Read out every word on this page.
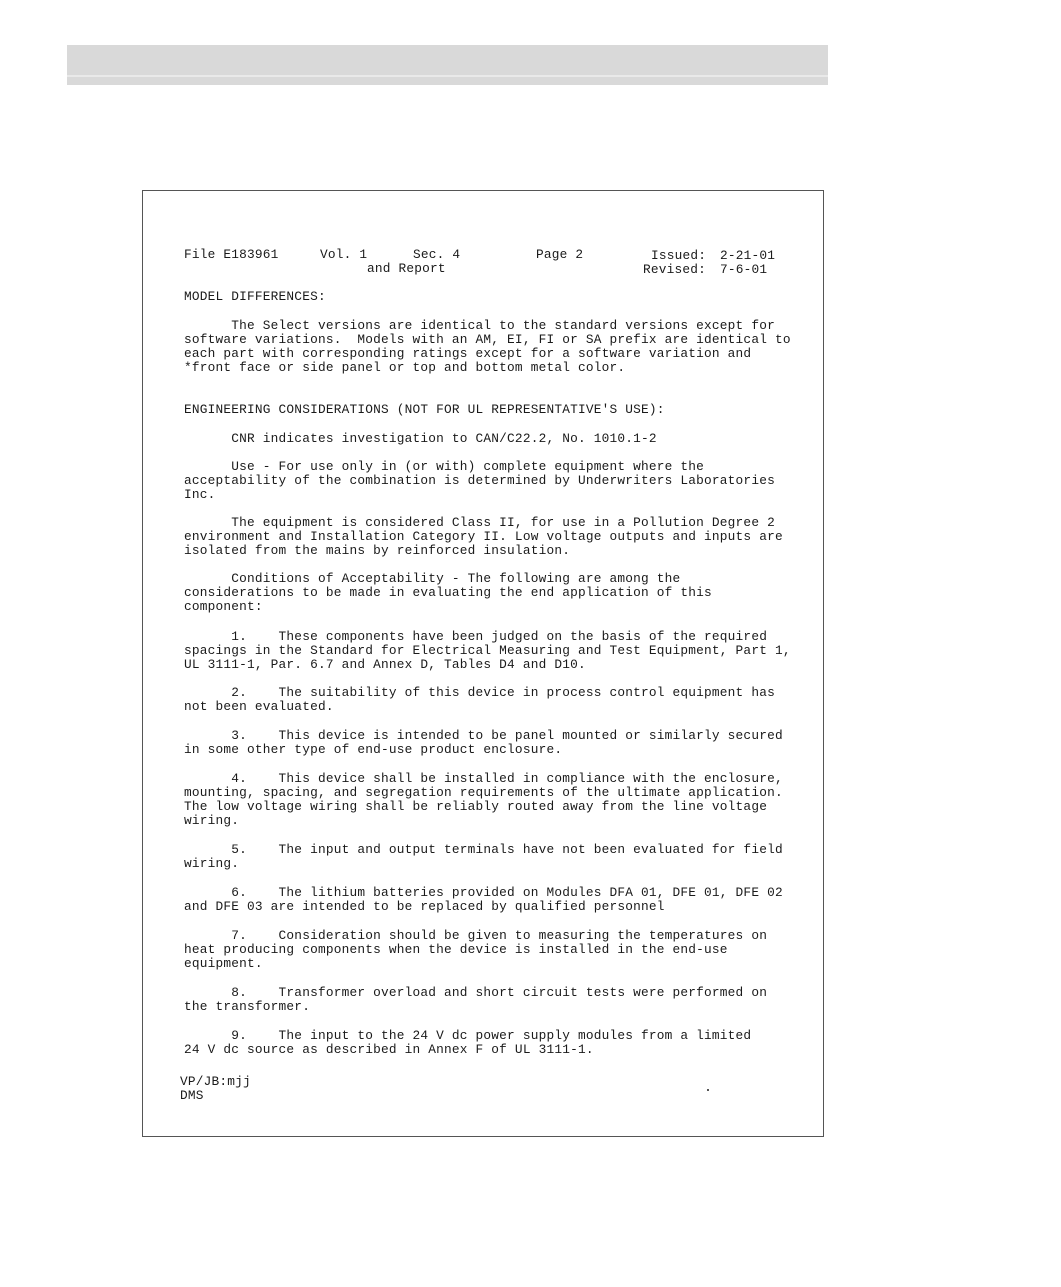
File E183961	Vol. 1	Sec. 4
and Report
Page 2	Issued: 2-21-01
Revised: 7-6-01
MODEL DIFFERENCES:
The Select versions are identical to the standard versions except for
software variations.  Models with an AM, EI, FI or SA prefix are identical to
each part with corresponding ratings except for a software variation and
*front face or side panel or top and bottom metal color.
ENGINEERING CONSIDERATIONS (NOT FOR UL REPRESENTATIVE'S USE):
CNR indicates investigation to CAN/C22.2, No. 1010.1-2
Use - For use only in (or with) complete equipment where the
acceptability of the combination is determined by Underwriters Laboratories
Inc.
The equipment is considered Class II, for use in a Pollution Degree 2
environment and Installation Category II. Low voltage outputs and inputs are
isolated from the mains by reinforced insulation.
Conditions of Acceptability - The following are among the
considerations to be made in evaluating the end application of this
component:
1.    These components have been judged on the basis of the required
spacings in the Standard for Electrical Measuring and Test Equipment, Part 1,
UL 3111-1, Par. 6.7 and Annex D, Tables D4 and D10.
2.    The suitability of this device in process control equipment has
not been evaluated.
3.    This device is intended to be panel mounted or similarly secured
in some other type of end-use product enclosure.
4.    This device shall be installed in compliance with the enclosure,
mounting, spacing, and segregation requirements of the ultimate application.
The low voltage wiring shall be reliably routed away from the line voltage
wiring.
5.    The input and output terminals have not been evaluated for field
wiring.
6.    The lithium batteries provided on Modules DFA 01, DFE 01, DFE 02
and DFE 03 are intended to be replaced by qualified personnel
7.    Consideration should be given to measuring the temperatures on
heat producing components when the device is installed in the end-use
equipment.
8.    Transformer overload and short circuit tests were performed on
the transformer.
9.    The input to the 24 V dc power supply modules from a limited
24 V dc source as described in Annex F of UL 3111-1.
VP/JB:mjj
DMS
